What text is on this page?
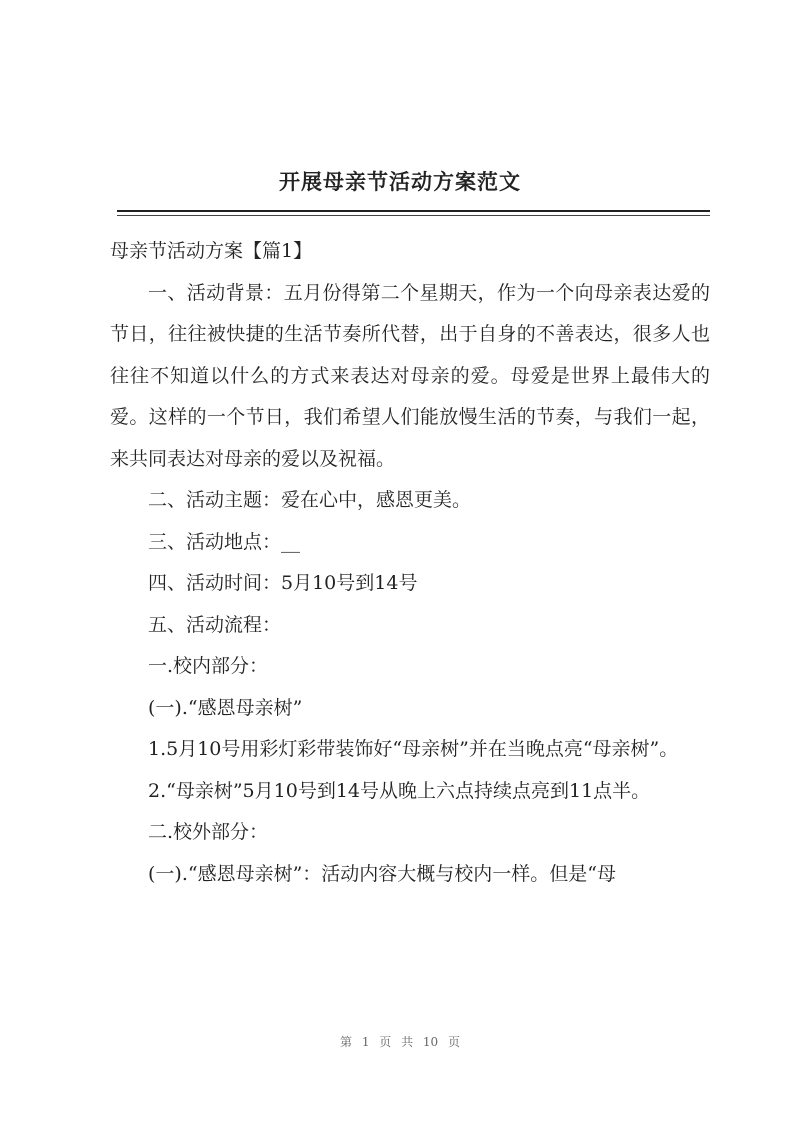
开展母亲节活动方案范文

母亲节活动方案【篇1】

一、活动背景：五月份得第二个星期天，作为一个向母亲表达爱的节日，往往被快捷的生活节奏所代替，出于自身的不善表达，很多人也往往不知道以什么的方式来表达对母亲的爱。母爱是世界上最伟大的爱。这样的一个节日，我们希望人们能放慢生活的节奏，与我们一起，来共同表达对母亲的爱以及祝福。

二、活动主题：爱在心中，感恩更美。

三、活动地点：__

四、活动时间：5月10号到14号

五、活动流程：

一.校内部分：

(一).“感恩母亲树”

1.5月10号用彩灯彩带装饰好“母亲树”并在当晚点亮“母亲树”。

2.“母亲树”5月10号到14号从晚上六点持续点亮到11点半。

二.校外部分：

(一).“感恩母亲树”：活动内容大概与校内一样。但是“母

第 1 页 共 10 页
